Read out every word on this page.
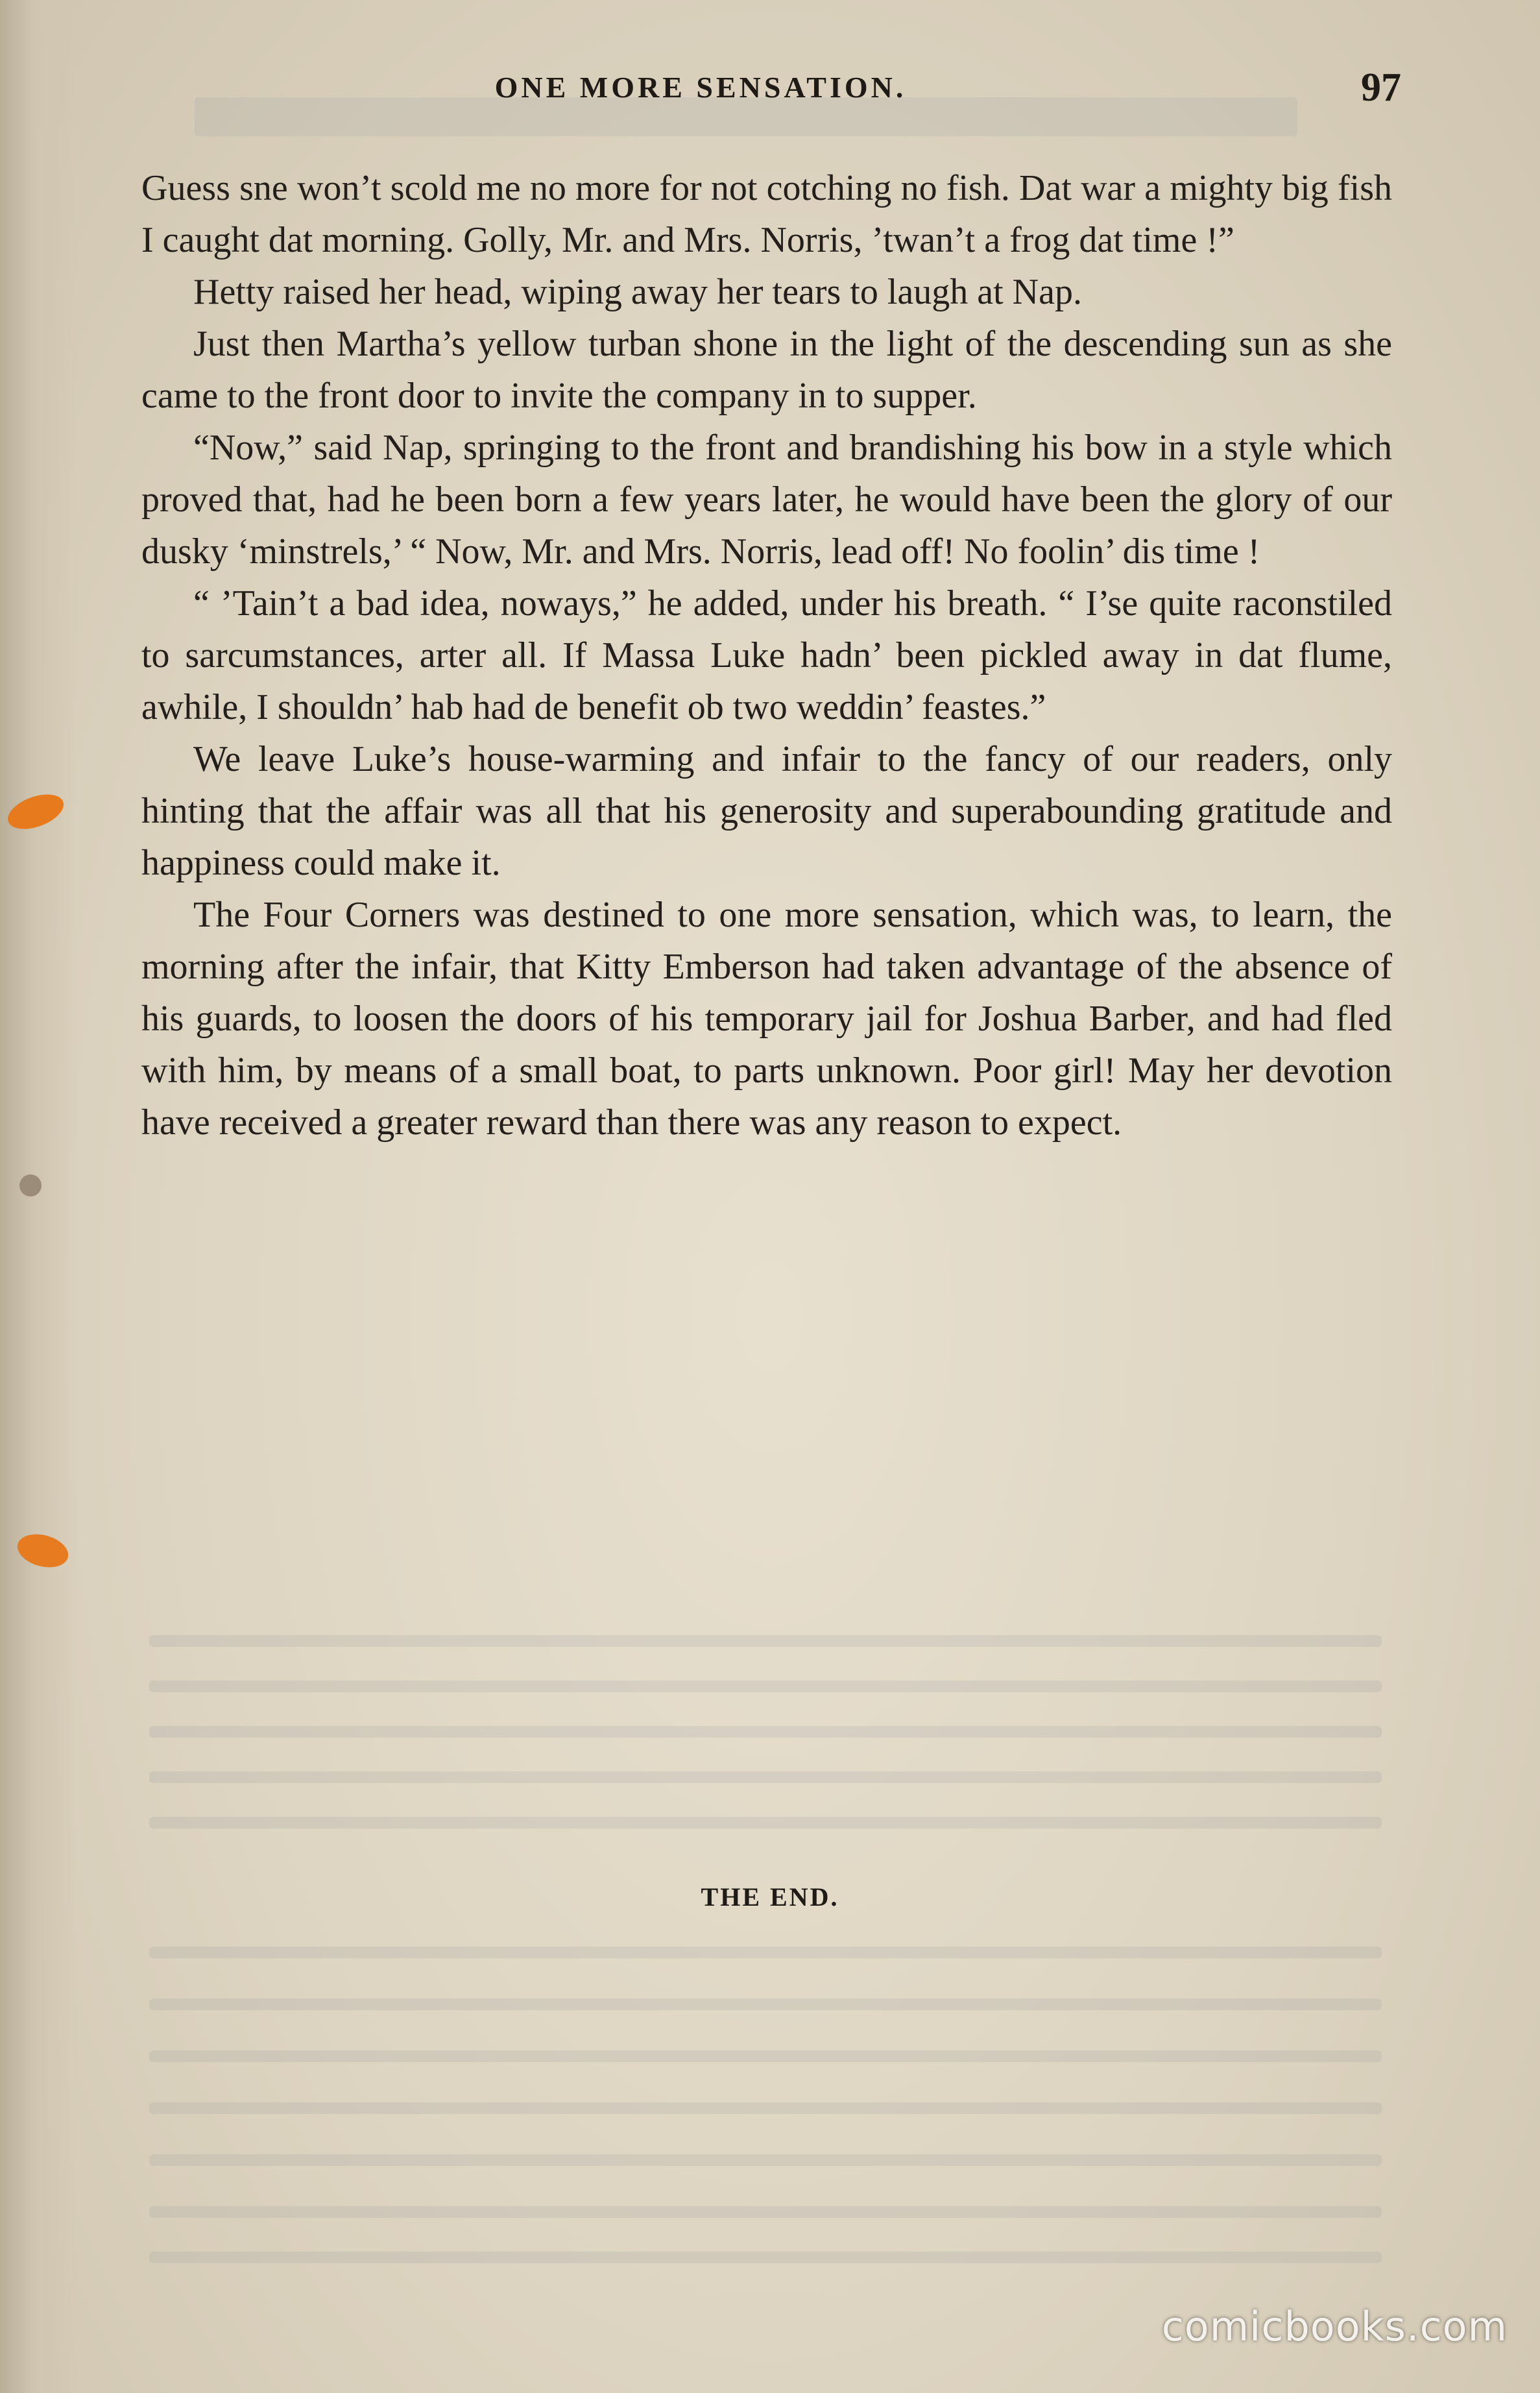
ONE MORE SENSATION.	97

Guess sne won’t scold me no more for not cotching no fish. Dat war a mighty big fish I caught dat morning. Golly, Mr. and Mrs. Norris, ’twan’t a frog dat time !”

Hetty raised her head, wiping away her tears to laugh at Nap.

Just then Martha’s yellow turban shone in the light of the descending sun as she came to the front door to invite the company in to supper.

“Now,” said Nap, springing to the front and brandishing his bow in a style which proved that, had he been born a few years later, he would have been the glory of our dusky ‘minstrels,’ “ Now, Mr. and Mrs. Norris, lead off! No foolin’ dis time !

“ ’Tain’t a bad idea, noways,” he added, under his breath. “ I’se quite raconstiled to sarcumstances, arter all. If Massa Luke hadn’ been pickled away in dat flume, awhile, I shouldn’ hab had de benefit ob two weddin’ feastes.”

We leave Luke’s house-warming and infair to the fancy of our readers, only hinting that the affair was all that his generosity and superabounding gratitude and happiness could make it.

The Four Corners was destined to one more sensation, which was, to learn, the morning after the infair, that Kitty Emberson had taken advantage of the absence of his guards, to loosen the doors of his temporary jail for Joshua Barber, and had fled with him, by means of a small boat, to parts unknown. Poor girl! May her devotion have received a greater reward than there was any reason to expect.

THE END.
comicbooks.com
